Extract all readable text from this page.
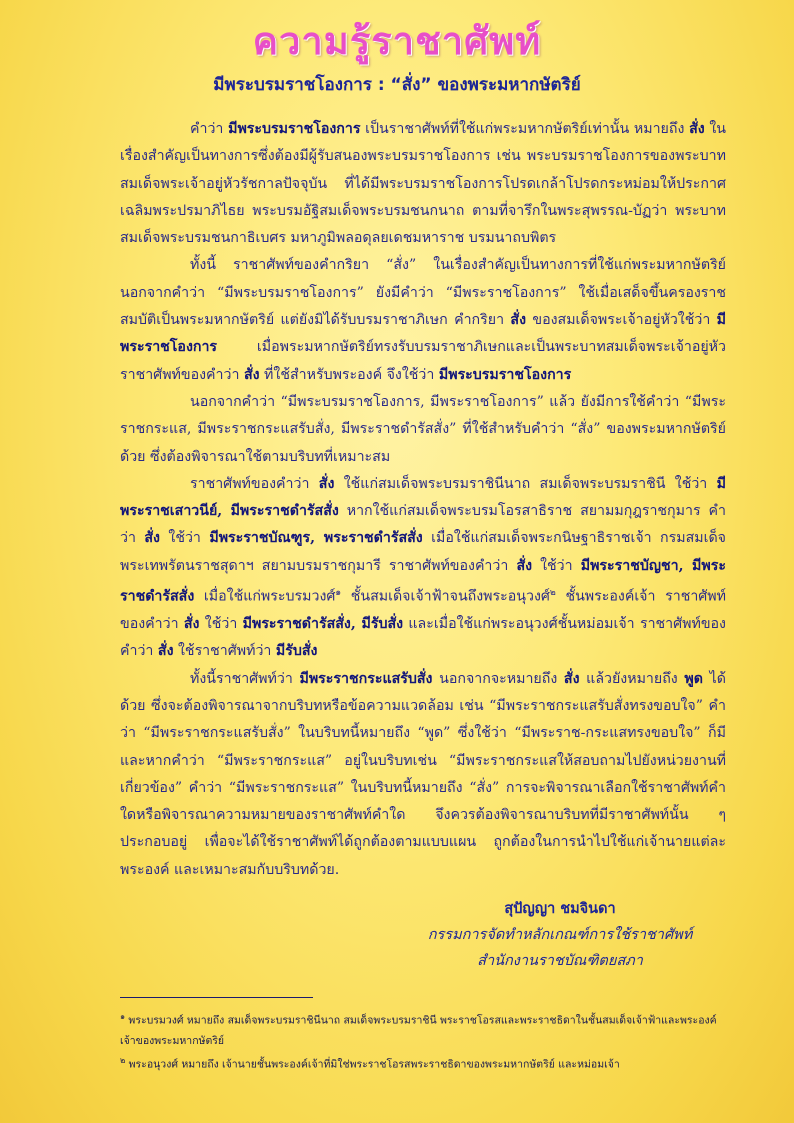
ความรู้ราชาศัพท์
มีพระบรมราชโองการ : “สั่ง” ของพระมหากษัตริย์

คำว่า มีพระบรมราชโองการ เป็นราชาศัพท์ที่ใช้แก่พระมหากษัตริย์เท่านั้น หมายถึง สั่ง ในเรื่องสำคัญเป็นทางการซึ่งต้องมีผู้รับสนองพระบรมราชโองการ เช่น พระบรมราชโองการของพระบาทสมเด็จพระเจ้าอยู่หัวรัชกาลปัจจุบัน ที่ได้มีพระบรมราชโองการโปรดเกล้าโปรดกระหม่อมให้ประกาศเฉลิมพระปรมาภิไธย พระบรมอัฐิสมเด็จพระบรมชนกนาถ ตามที่จารึกในพระสุพรรณ-บัฏว่า พระบาทสมเด็จพระบรมชนกาธิเบศร มหาภูมิพลอดุลยเดชมหาราช บรมนาถบพิตร

ทั้งนี้ ราชาศัพท์ของคำกริยา “สั่ง” ในเรื่องสำคัญเป็นทางการที่ใช้แก่พระมหากษัตริย์ นอกจากคำว่า “มีพระบรมราชโองการ” ยังมีคำว่า “มีพระราชโองการ” ใช้เมื่อเสด็จขึ้นครองราชสมบัติเป็นพระมหากษัตริย์ แต่ยังมิได้รับบรมราชาภิเษก คำกริยา สั่ง ของสมเด็จพระเจ้าอยู่หัวใช้ว่า มีพระราชโองการ เมื่อพระมหากษัตริย์ทรงรับบรมราชาภิเษกและเป็นพระบาทสมเด็จพระเจ้าอยู่หัว ราชาศัพท์ของคำว่า สั่ง ที่ใช้สำหรับพระองค์ จึงใช้ว่า มีพระบรมราชโองการ

นอกจากคำว่า “มีพระบรมราชโองการ, มีพระราชโองการ” แล้ว ยังมีการใช้คำว่า “มีพระราชกระแส, มีพระราชกระแสรับสั่ง, มีพระราชดำรัสสั่ง” ที่ใช้สำหรับคำว่า “สั่ง” ของพระมหากษัตริย์ด้วย ซึ่งต้องพิจารณาใช้ตามบริบทที่เหมาะสม

ราชาศัพท์ของคำว่า สั่ง ใช้แก่สมเด็จพระบรมราชินีนาถ สมเด็จพระบรมราชินี ใช้ว่า มีพระราชเสาวนีย์, มีพระราชดำรัสสั่ง หากใช้แก่สมเด็จพระบรมโอรสาธิราช สยามมกุฎราชกุมาร คำว่า สั่ง ใช้ว่า มีพระราชบัณฑูร, พระราชดำรัสสั่ง เมื่อใช้แก่สมเด็จพระกนิษฐาธิราชเจ้า กรมสมเด็จพระเทพรัตนราชสุดาฯ สยามบรมราชกุมารี ราชาศัพท์ของคำว่า สั่ง ใช้ว่า มีพระราชบัญชา, มีพระราชดำรัสสั่ง เมื่อใช้แก่พระบรมวงศ์$^๑$ ชั้นสมเด็จเจ้าฟ้าจนถึงพระอนุวงศ์$^๒$ ชั้นพระองค์เจ้า ราชาศัพท์ของคำว่า สั่ง ใช้ว่า มีพระราชดำรัสสั่ง, มีรับสั่ง และเมื่อใช้แก่พระอนุวงศ์ชั้นหม่อมเจ้า ราชาศัพท์ของคำว่า สั่ง ใช้ราชาศัพท์ว่า มีรับสั่ง

ทั้งนี้ราชาศัพท์ว่า มีพระราชกระแสรับสั่ง นอกจากจะหมายถึง สั่ง แล้วยังหมายถึง พูด ได้ด้วย ซึ่งจะต้องพิจารณาจากบริบทหรือข้อความแวดล้อม เช่น “มีพระราชกระแสรับสั่งทรงขอบใจ” คำว่า “มีพระราชกระแสรับสั่ง” ในบริบทนี้หมายถึง “พูด” ซึ่งใช้ว่า “มีพระราช-กระแสทรงขอบใจ” ก็มี และหากคำว่า “มีพระราชกระแส” อยู่ในบริบทเช่น “มีพระราชกระแสให้สอบถามไปยังหน่วยงานที่เกี่ยวข้อง” คำว่า “มีพระราชกระแส” ในบริบทนี้หมายถึง “สั่ง” การจะพิจารณาเลือกใช้ราชาศัพท์คำใดหรือพิจารณาความหมายของราชาศัพท์คำใด จึงควรต้องพิจารณาบริบทที่มีราชาศัพท์นั้น ๆ ประกอบอยู่ เพื่อจะได้ใช้ราชาศัพท์ได้ถูกต้องตามแบบแผน ถูกต้องในการนำไปใช้แก่เจ้านายแต่ละพระองค์ และเหมาะสมกับบริบทด้วย.

สุปัญญา ชมจินดา
กรรมการจัดทำหลักเกณฑ์การใช้ราชาศัพท์
สำนักงานราชบัณฑิตยสภา

$^๑$ พระบรมวงศ์ หมายถึง สมเด็จพระบรมราชินีนาถ สมเด็จพระบรมราชินี พระราชโอรสและพระราชธิดาในชั้นสมเด็จเจ้าฟ้าและพระองค์เจ้าของพระมหากษัตริย์

$^๒$ พระอนุวงศ์ หมายถึง เจ้านายชั้นพระองค์เจ้าที่มิใช่พระราชโอรสพระราชธิดาของพระมหากษัตริย์ และหม่อมเจ้า
